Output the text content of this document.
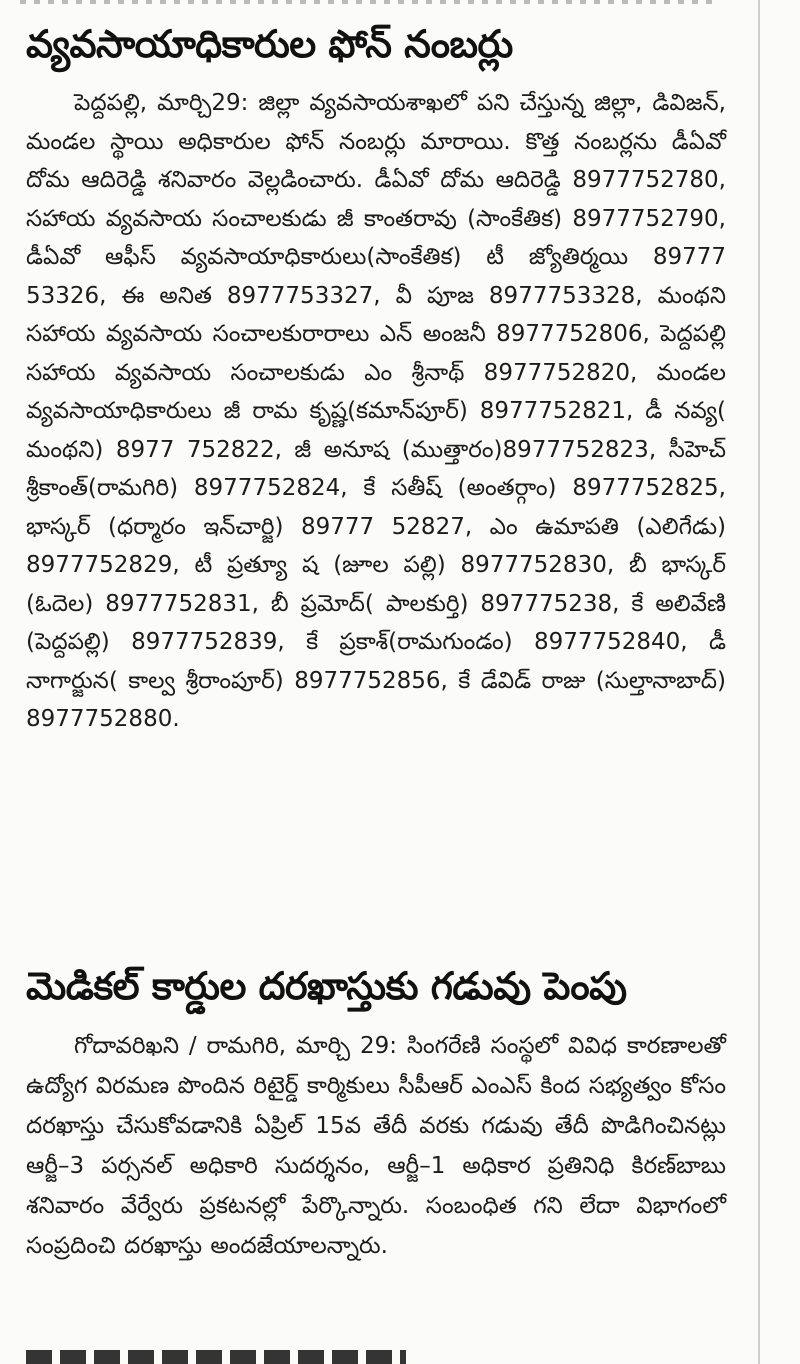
వ్యవసాయాధికారుల ఫోన్ నంబర్లు

పెద్దపల్లి, మార్చి29: జిల్లా వ్యవసాయశాఖలో పని చేస్తున్న జిల్లా, డివిజన్, మండల స్థాయి అధికారుల ఫోన్ నంబర్లు మారాయి. కొత్త నంబర్లను డీఏవో దోమ ఆదిరెడ్డి శనివారం వెల్లడించారు. డీఏవో దోమ ఆదిరెడ్డి 8977752780, సహాయ వ్యవసాయ సంచాలకుడు జీ కాంతరావు (సాంకేతిక) 8977752790, డీఏవో ఆఫీస్ వ్యవసాయాధికారులు(సాంకేతిక) టీ జ్యోతిర్మయి 89777 53326, ఈ అనిత 8977753327, వీ పూజ 8977753328, మంథని సహాయ వ్యవసాయ సంచాలకురారాలు ఎన్ అంజనీ 8977752806, పెద్దపల్లి సహాయ వ్యవసాయ సంచాలకుడు ఎం శ్రీనాథ్ 8977752820, మండల వ్యవసాయాధికారులు జీ రామ కృష్ణ(కమాన్‌పూర్) 8977752821, డీ నవ్య( మంథని) 8977 752822, జీ అనూష (ముత్తారం)8977752823, సీహెచ్ శ్రీకాంత్(రామగిరి) 8977752824, కే సతీష్ (అంతర్గాం) 8977752825, భాస్కర్ (ధర్మారం ఇన్‌చార్జి) 89777 52827, ఎం ఉమాపతి (ఎలిగేడు) 8977752829, టీ ప్రత్యూ ష (జూల పల్లి) 8977752830, బీ భాస్కర్ (ఓదెల) 8977752831, బీ ప్రమోద్( పాలకుర్తి) 897775238, కే అలివేణి (పెద్దపల్లి) 8977752839, కే ప్రకాశ్(రామగుండం) 8977752840, డీ నాగార్జున( కాల్వ శ్రీరాంపూర్) 8977752856, కే డేవిడ్ రాజు (సుల్తానాబాద్) 8977752880.

మెడికల్ కార్డుల దరఖాస్తుకు గడువు పెంపు

గోదావరిఖని / రామగిరి, మార్చి 29: సింగరేణి సంస్థలో వివిధ కారణాలతో ఉద్యోగ విరమణ పొందిన రిటైర్డ్ కార్మికులు సీపీఆర్ ఎంఎస్ కింద సభ్యత్వం కోసం దరఖాస్తు చేసుకోవడానికి ఏప్రిల్ 15వ తేదీ వరకు గడువు తేదీ పొడిగించినట్లు ఆర్జీ–3 పర్సనల్ అధికారి సుదర్శనం, ఆర్జీ–1 అధికార ప్రతినిధి కిరణ్‌బాబు శనివారం వేర్వేరు ప్రకటనల్లో పేర్కొన్నారు. సంబంధిత గని లేదా విభాగంలో సంప్రదించి దరఖాస్తు అందజేయాలన్నారు.
